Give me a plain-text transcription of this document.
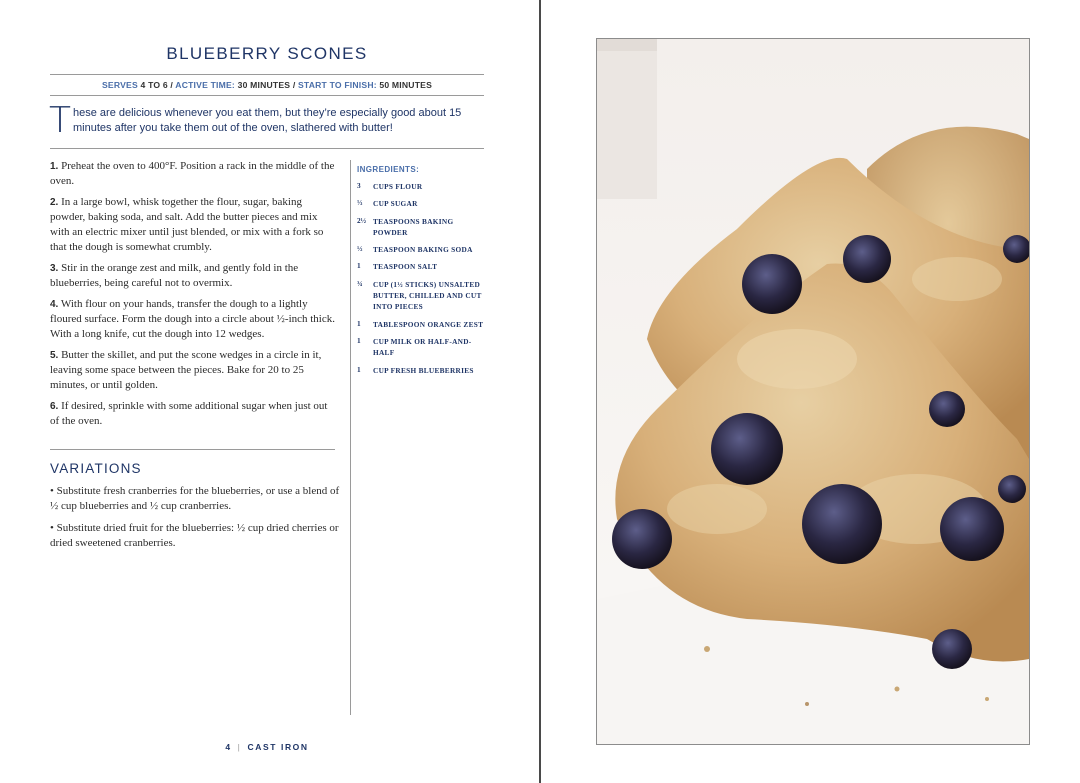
BLUEBERRY SCONES
SERVES 4 TO 6 / ACTIVE TIME: 30 MINUTES / START TO FINISH: 50 MINUTES
These are delicious whenever you eat them, but they’re especially good about 15 minutes after you take them out of the oven, slathered with butter!

1. Preheat the oven to 400°F. Position a rack in the middle of the oven.

2. In a large bowl, whisk together the flour, sugar, baking powder, baking soda, and salt. Add the butter pieces and mix with an electric mixer until just blended, or mix with a fork so that the dough is somewhat crumbly.

3. Stir in the orange zest and milk, and gently fold in the blueberries, being careful not to overmix.

4. With flour on your hands, transfer the dough to a lightly floured surface. Form the dough into a circle about ½-inch thick. With a long knife, cut the dough into 12 wedges.

5. Butter the skillet, and put the scone wedges in a circle in it, leaving some space between the pieces. Bake for 20 to 25 minutes, or until golden.

6. If desired, sprinkle with some additional sugar when just out of the oven.

INGREDIENTS:
3	CUPS FLOUR
⅓	CUP SUGAR
2½ TEASPOONS BAKING POWDER
½	TEASPOON BAKING SODA
1	TEASPOON SALT
¾	CUP (1½ STICKS) UNSALTED BUTTER, CHILLED AND CUT INTO PIECES
1	TABLESPOON ORANGE ZEST
1	CUP MILK OR HALF-AND-HALF
1	CUP FRESH BLUEBERRIES
VARIATIONS

• Substitute fresh cranberries for the blueberries, or use a blend of ½ cup blueberries and ½ cup cranberries.

• Substitute dried fruit for the blueberries: ½ cup dried cherries or dried sweetened cranberries.

4 | CAST IRON
